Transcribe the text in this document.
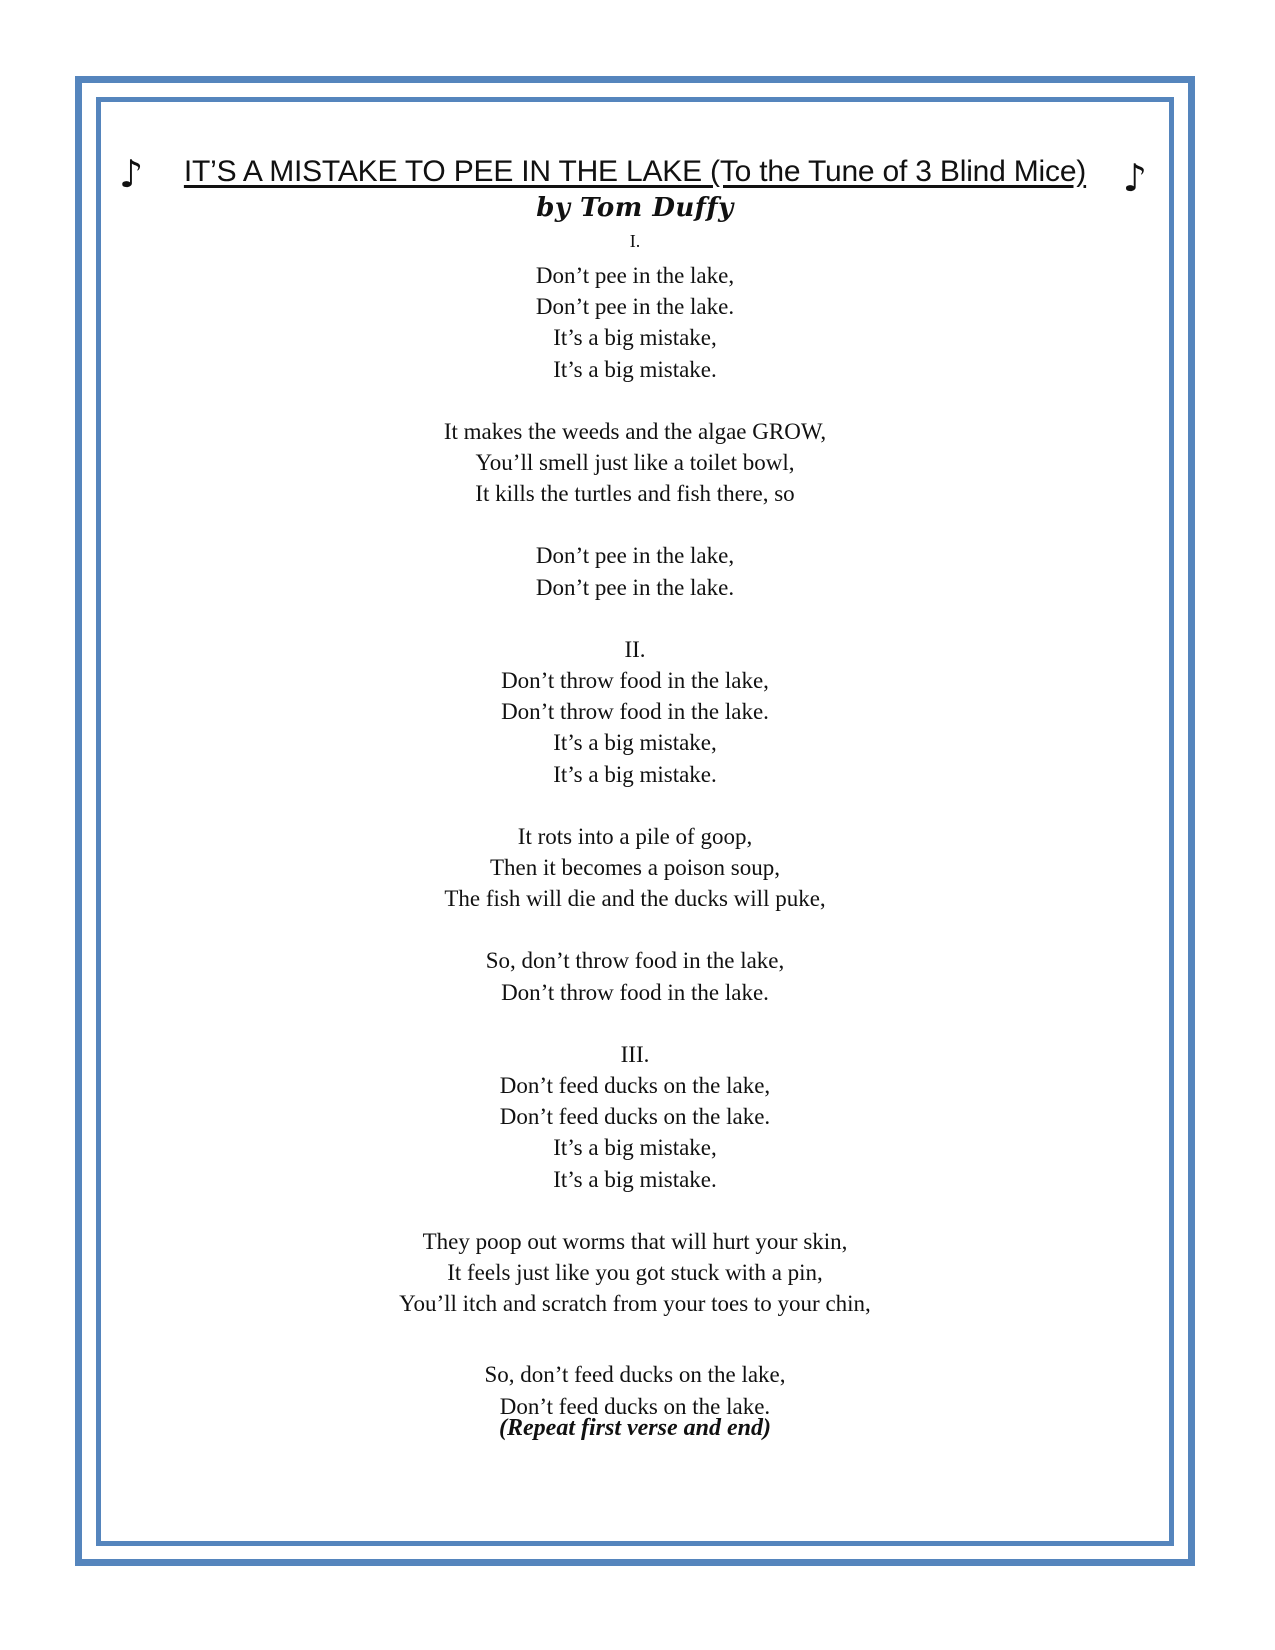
♪	IT’S A MISTAKE TO PEE IN THE LAKE (To the Tune of 3 Blind Mice) ♪
by Tom Duffy
I.
Don’t pee in the lake,
Don’t pee in the lake.
It’s a big mistake,
It’s a big mistake.
It makes the weeds and the algae GROW,
You’ll smell just like a toilet bowl,
It kills the turtles and fish there, so
Don’t pee in the lake,
Don’t pee in the lake.
II.
Don’t throw food in the lake,
Don’t throw food in the lake.
It’s a big mistake,
It’s a big mistake.
It rots into a pile of goop,
Then it becomes a poison soup,
The fish will die and the ducks will puke,
So, don’t throw food in the lake,
Don’t throw food in the lake.
III.
Don’t feed ducks on the lake,
Don’t feed ducks on the lake.
It’s a big mistake,
It’s a big mistake.
They poop out worms that will hurt your skin,
It feels just like you got stuck with a pin,
You’ll itch and scratch from your toes to your chin,
So, don’t feed ducks on the lake,
Don’t feed ducks on the lake.
(Repeat first verse and end)
